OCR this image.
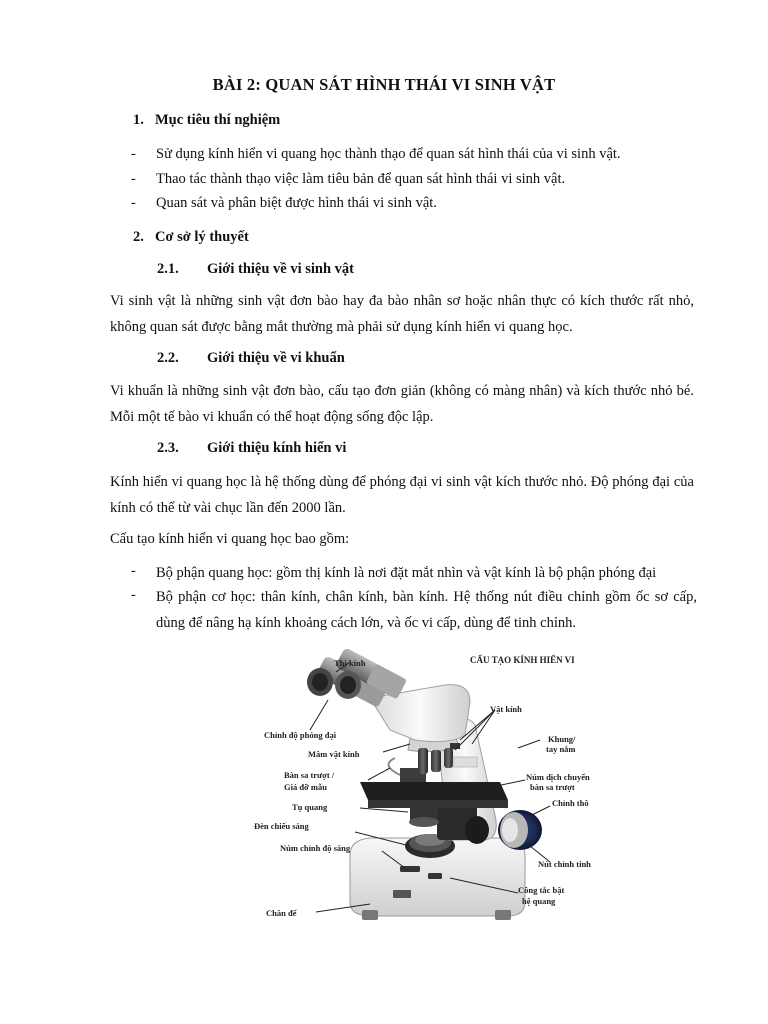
BÀI 2: QUAN SÁT HÌNH THÁI VI SINH VẬT
1. Mục tiêu thí nghiệm
- Sử dụng kính hiển vi quang học thành thạo để quan sát hình thái của vi sinh vật.
- Thao tác thành thạo việc làm tiêu bản để quan sát hình thái vi sinh vật.
- Quan sát và phân biệt được hình thái vi sinh vật.
2. Cơ sở lý thuyết
2.1. Giới thiệu về vi sinh vật
Vi sinh vật là những sinh vật đơn bào hay đa bào nhân sơ hoặc nhân thực có kích thước rất nhỏ, không quan sát được bằng mắt thường mà phải sử dụng kính hiển vi quang học.
2.2. Giới thiệu về vi khuẩn
Vi khuẩn là những sinh vật đơn bào, cấu tạo đơn giản (không có màng nhân) và kích thước nhỏ bé. Mỗi một tế bào vi khuẩn có thể hoạt động sống độc lập.
2.3. Giới thiệu kính hiển vi
Kính hiển vi quang học là hệ thống dùng để phóng đại vi sinh vật kích thước nhỏ. Độ phóng đại của kính có thể từ vài chục lần đến 2000 lần.
Cấu tạo kính hiển vi quang học bao gồm:
- Bộ phận quang học: gồm thị kính là nơi đặt mắt nhìn và vật kính là bộ phận phóng đại
- Bộ phận cơ học: thân kính, chân kính, bàn kính. Hệ thống nút điều chỉnh gồm ốc sơ cấp, dùng để nâng hạ kính khoảng cách lớn, và ốc vi cấp, dùng để tinh chỉnh.
CẤU TẠO KÍNH HIỂN VI
Thị kính
Vật kính
Chỉnh độ phóng đại	Khung/
tay nắm
Mâm vật kính
Bàn sa trượt /
Giá đỡ mẫu
Núm dịch chuyển
bàn sa trượt
Chỉnh thô
Tụ quang
Đèn chiếu sáng
Núm chỉnh độ sáng
Nút chỉnh tinh
Công tắc bật
hệ quang
Chân đế
